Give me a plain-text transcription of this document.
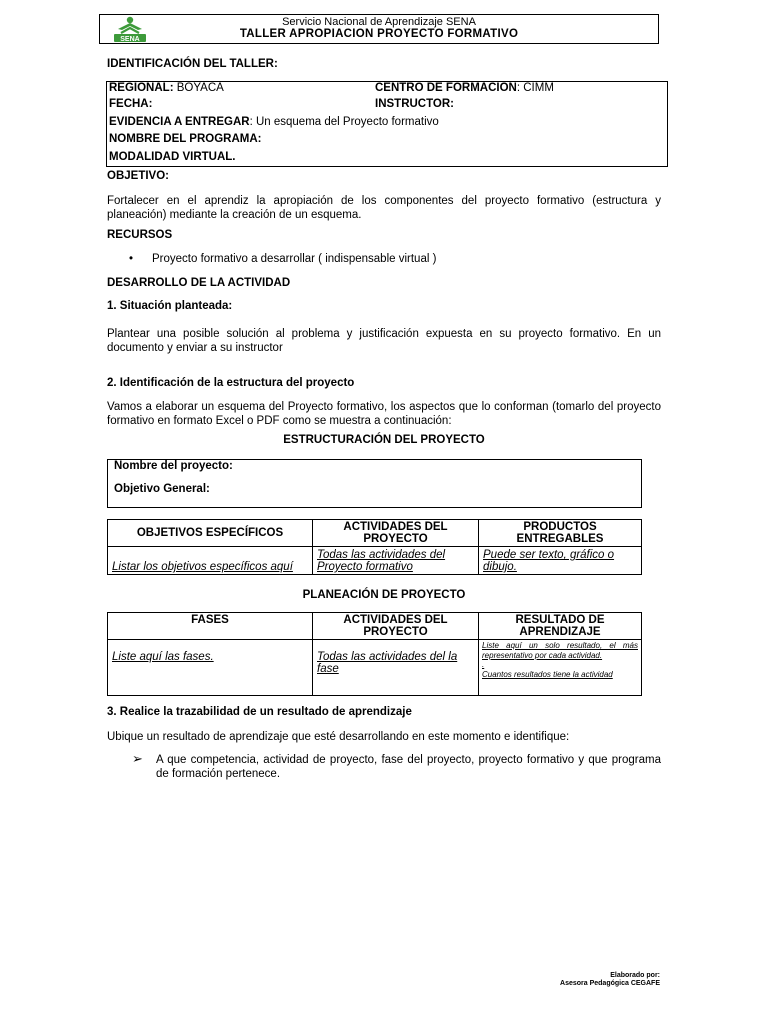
SENA
Servicio Nacional de Aprendizaje SENA
TALLER APROPIACION PROYECTO FORMATIVO
IDENTIFICACIÓN DEL TALLER:
REGIONAL: BOYACA	CENTRO DE FORMACION: CIMM
FECHA:	INSTRUCTOR:
EVIDENCIA A ENTREGAR: Un esquema del Proyecto formativo
NOMBRE DEL PROGRAMA:
MODALIDAD VIRTUAL.
OBJETIVO:
Fortalecer en el aprendiz la apropiación de los componentes del proyecto formativo (estructura y planeación) mediante la creación de un esquema.
RECURSOS
• Proyecto formativo a desarrollar ( indispensable virtual )
DESARROLLO DE LA ACTIVIDAD
1. Situación planteada:
Plantear una posible solución al problema y justificación expuesta en su proyecto formativo. En un documento y enviar a su instructor
2. Identificación de la estructura del proyecto
Vamos a elaborar un esquema del Proyecto formativo, los aspectos que lo conforman (tomarlo del proyecto formativo en formato Excel o PDF como se muestra a continuación:
ESTRUCTURACIÓN DEL PROYECTO
Nombre del proyecto:
Objetivo General:
OBJETIVOS ESPECÍFICOS	ACTIVIDADES DEL PROYECTO	PRODUCTOS ENTREGABLES
Listar los objetivos específicos aquí	Todas las actividades del Proyecto formativo	Puede ser texto, gráfico o dibujo.
PLANEACIÓN DE PROYECTO
FASES	ACTIVIDADES DEL PROYECTO	RESULTADO DE APRENDIZAJE
Liste aquí las fases.	Todas las actividades del la fase	Liste aquí un solo resultado, el más representativo por cada actividad.
.
Cuantos resultados tiene la actividad
3. Realice la trazabilidad de un resultado de aprendizaje
Ubique un resultado de aprendizaje que esté desarrollando en este momento e identifique:
➢ A que competencia, actividad de proyecto, fase del proyecto, proyecto formativo y que programa de formación pertenece.
Elaborado por:
Asesora Pedagógica CEGAFE
